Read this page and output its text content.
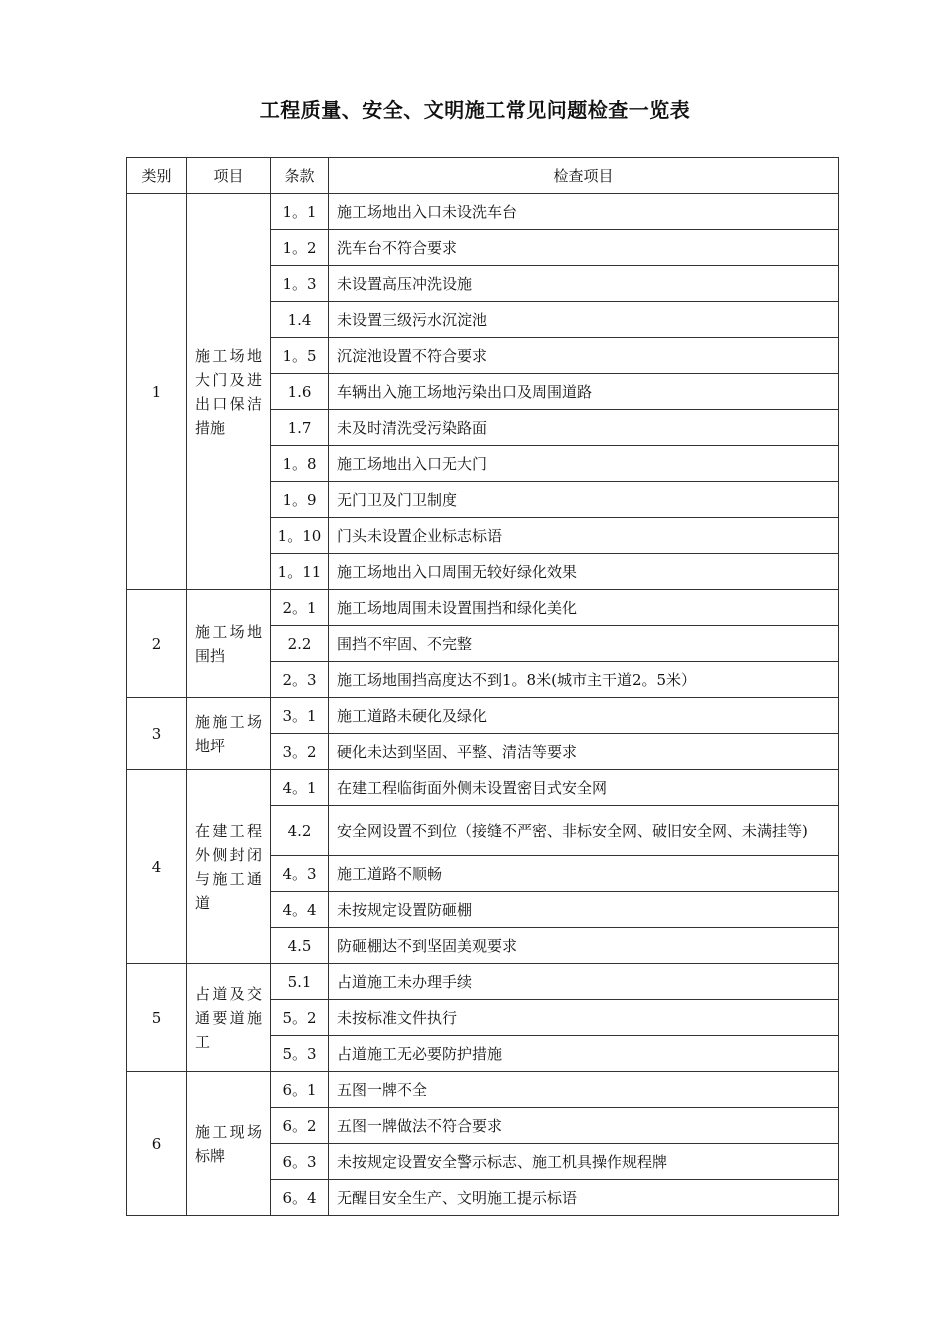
工程质量、安全、文明施工常见问题检查一览表
类别	项目	条款	检查项目
1	施工场地大门及进出口保洁措施	1。1	施工场地出入口未设洗车台
		1。2	洗车台不符合要求
		1。3	未设置高压冲洗设施
		1.4	未设置三级污水沉淀池
		1。5	沉淀池设置不符合要求
		1.6	车辆出入施工场地污染出口及周围道路
		1.7	未及时清洗受污染路面
		1。8	施工场地出入口无大门
		1。9	无门卫及门卫制度
		1。10	门头未设置企业标志标语
		1。11	施工场地出入口周围无较好绿化效果
2	施工场地围挡	2。1	施工场地周围未设置围挡和绿化美化
		2.2	围挡不牢固、不完整
		2。3	施工场地围挡高度达不到1。8米(城市主干道2。5米）
3	施施工场地坪	3。1	施工道路未硬化及绿化
		3。2	硬化未达到坚固、平整、清洁等要求
4	在建工程外侧封闭与施工通道	4。1	在建工程临街面外侧未设置密目式安全网
		4.2	安全网设置不到位（接缝不严密、非标安全网、破旧安全网、未满挂等)
		4。3	施工道路不顺畅
		4。4	未按规定设置防砸棚
		4.5	防砸棚达不到坚固美观要求
5	占道及交通要道施工	5.1	占道施工未办理手续
		5。2	未按标准文件执行
		5。3	占道施工无必要防护措施
6	施工现场标牌	6。1	五图一牌不全
		6。2	五图一牌做法不符合要求
		6。3	未按规定设置安全警示标志、施工机具操作规程牌
		6。4	无醒目安全生产、文明施工提示标语
